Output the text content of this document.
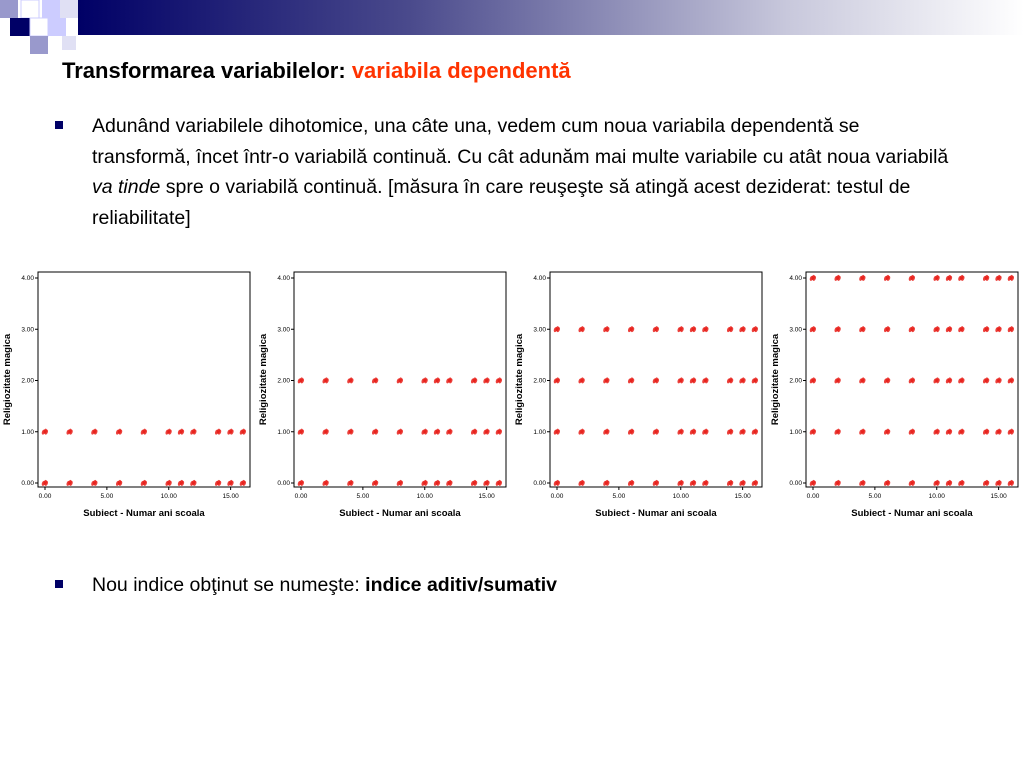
Transformarea variabilelor: variabila dependentă
Adunând variabilele dihotomice, una câte una, vedem cum noua variabila dependentă se transformă, încet într-o variabilă continuă. Cu cât adunăm mai multe variabile cu atât noua variabilă va tinde spre o variabilă continuă. [măsura în care reuşeşte să atingă acest deziderat: testul de reliabilitate]
0.00
1.00
2.00
3.00
4.00
0.00	5.00	10.00	15.00
Subiect - Numar ani scoala
Religiozitate magica
0.00
1.00
2.00
3.00
4.00
0.00	5.00	10.00	15.00
Subiect - Numar ani scoala
Religiozitate magica
0.00
1.00
2.00
3.00
4.00
0.00	5.00	10.00	15.00
Subiect - Numar ani scoala
Religiozitate magica
0.00
1.00
2.00
3.00
4.00
0.00	5.00	10.00	15.00
Subiect - Numar ani scoala
Religiozitate magica
Nou indice obţinut se numeşte: indice aditiv/sumativ
